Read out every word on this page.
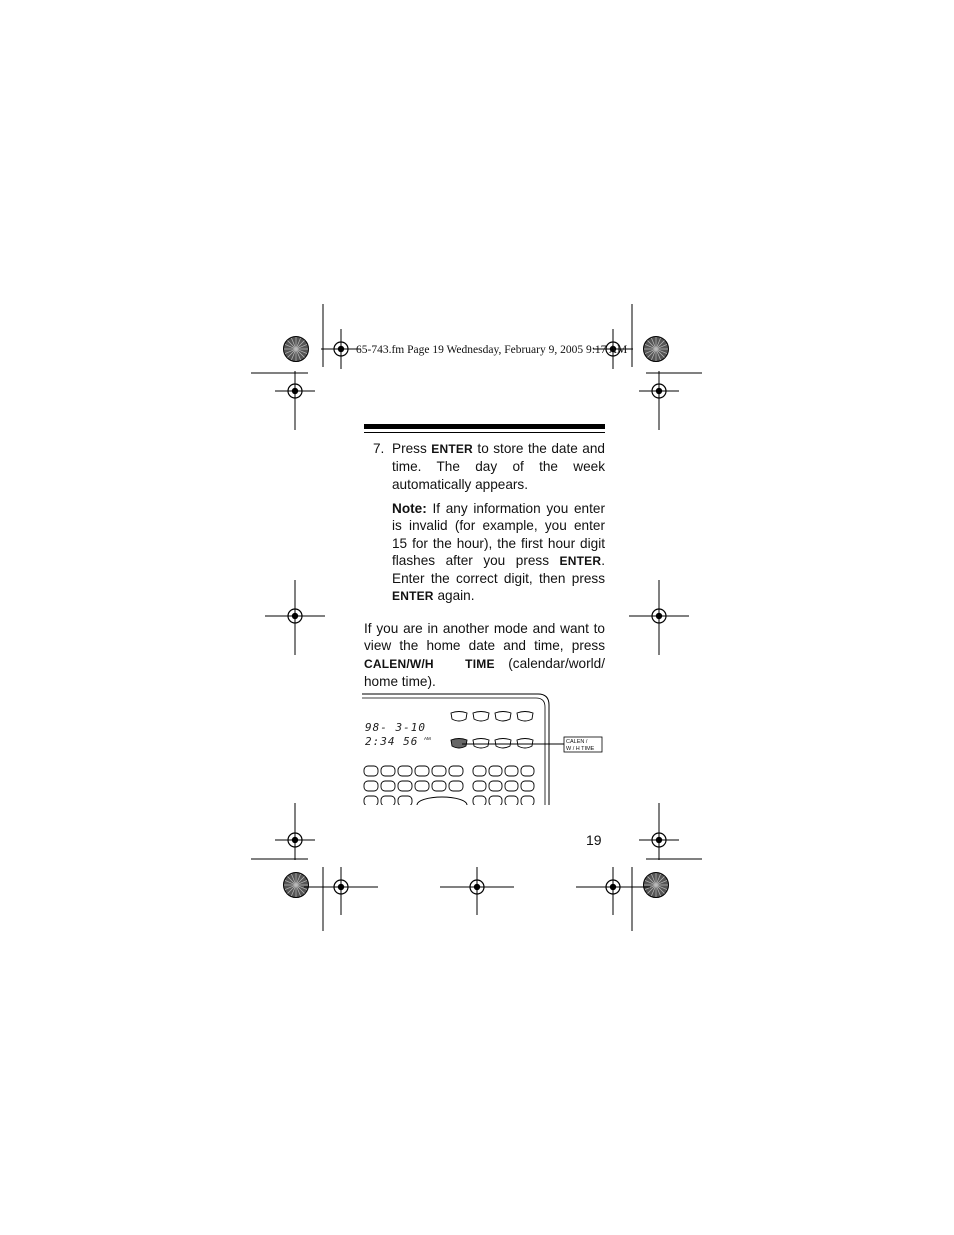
65-743.fm Page 19 Wednesday, February 9, 2005 9:17 AM
7. Press ENTER to store the date and time. The day of the week automatically appears.
Note: If any information you enter is invalid (for example, you enter 15 for the hour), the first hour digit flashes after you press ENTER. Enter the correct digit, then press ENTER again.
If you are in another mode and want to view the home date and time, press CALEN/W/H TIME (calendar/world/ home time).
98- 3-10
2:34 56 AM
CALEN /
W / H TIME
19
